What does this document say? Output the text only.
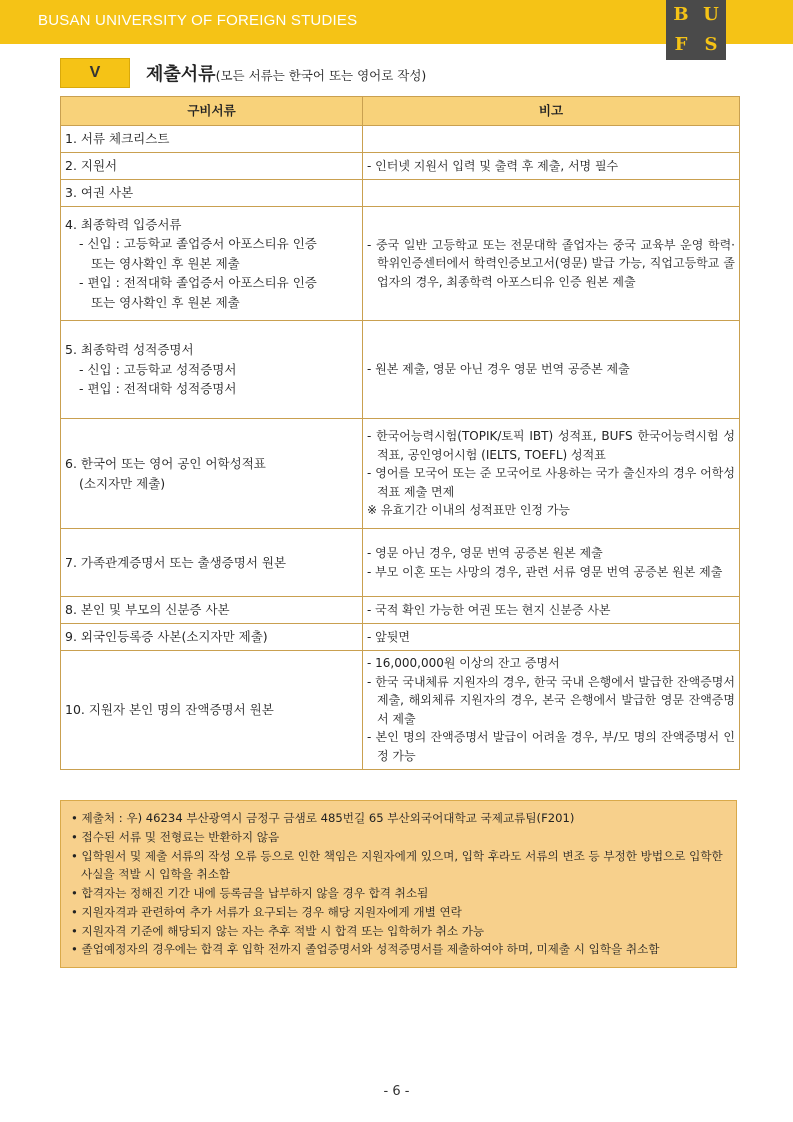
BUSAN UNIVERSITY OF FOREIGN STUDIES	B U
F S
V	제출서류(모든 서류는 한국어 또는 영어로 작성)
구비서류	비고
1. 서류 체크리스트	
2. 지원서	- 인터넷 지원서 입력 및 출력 후 제출, 서명 필수

3. 여권 사본	

4. 최종학력 입증서류
- 신입 : 고등학교 졸업증서 아포스티유 인증
또는 영사확인 후 원본 제출
- 편입 : 전적대학 졸업증서 아포스티유 인증
또는 영사확인 후 원본 제출	- 중국 일반 고등학교 또는 전문대학 졸업자는 중국 교육부 운영 학력·학위인증센터에서 학력인증보고서(영문) 발급 가능, 직업고등학교 졸업자의 경우, 최종학력 아포스티유 인증 원본 제출

5. 최종학력 성적증명서
- 신입 : 고등학교 성적증명서
- 편입 : 전적대학 성적증명서	- 원본 제출, 영문 아닌 경우 영문 번역 공증본 제출

6. 한국어 또는 영어 공인 어학성적표
(소지자만 제출)	- 한국어능력시험(TOPIK/토픽 IBT) 성적표, BUFS 한국어능력시험 성적표, 공인영어시험 (IELTS, TOEFL) 성적표
- 영어를 모국어 또는 준 모국어로 사용하는 국가 출신자의 경우 어학성적표 제출 면제
※ 유효기간 이내의 성적표만 인정 가능

7. 가족관계증명서 또는 출생증명서 원본	- 영문 아닌 경우, 영문 번역 공증본 원본 제출
- 부모 이혼 또는 사망의 경우, 관련 서류 영문 번역 공증본 원본 제출

8. 본인 및 부모의 신분증 사본	- 국적 확인 가능한 여권 또는 현지 신분증 사본

9. 외국인등록증 사본(소지자만 제출)	- 앞뒷면

10. 지원자 본인 명의 잔액증명서 원본	- 16,000,000원 이상의 잔고 증명서
- 한국 국내체류 지원자의 경우, 한국 국내 은행에서 발급한 잔액증명서 제출, 해외체류 지원자의 경우, 본국 은행에서 발급한 영문 잔액증명서 제출
- 본인 명의 잔액증명서 발급이 어려울 경우, 부/모 명의 잔액증명서 인정 가능
• 제출처 : 우) 46234 부산광역시 금정구 금샘로 485번길 65 부산외국어대학교 국제교류팀(F201)
• 접수된 서류 및 전형료는 반환하지 않음
• 입학원서 및 제출 서류의 작성 오류 등으로 인한 책임은 지원자에게 있으며, 입학 후라도 서류의 변조 등 부정한 방법으로 입학한 사실을 적발 시 입학을 취소함
• 합격자는 정해진 기간 내에 등록금을 납부하지 않을 경우 합격 취소됨
• 지원자격과 관련하여 추가 서류가 요구되는 경우 해당 지원자에게 개별 연락
• 지원자격 기준에 해당되지 않는 자는 추후 적발 시 합격 또는 입학허가 취소 가능
• 졸업예정자의 경우에는 합격 후 입학 전까지 졸업증명서와 성적증명서를 제출하여야 하며, 미제출 시 입학을 취소함
- 6 -
